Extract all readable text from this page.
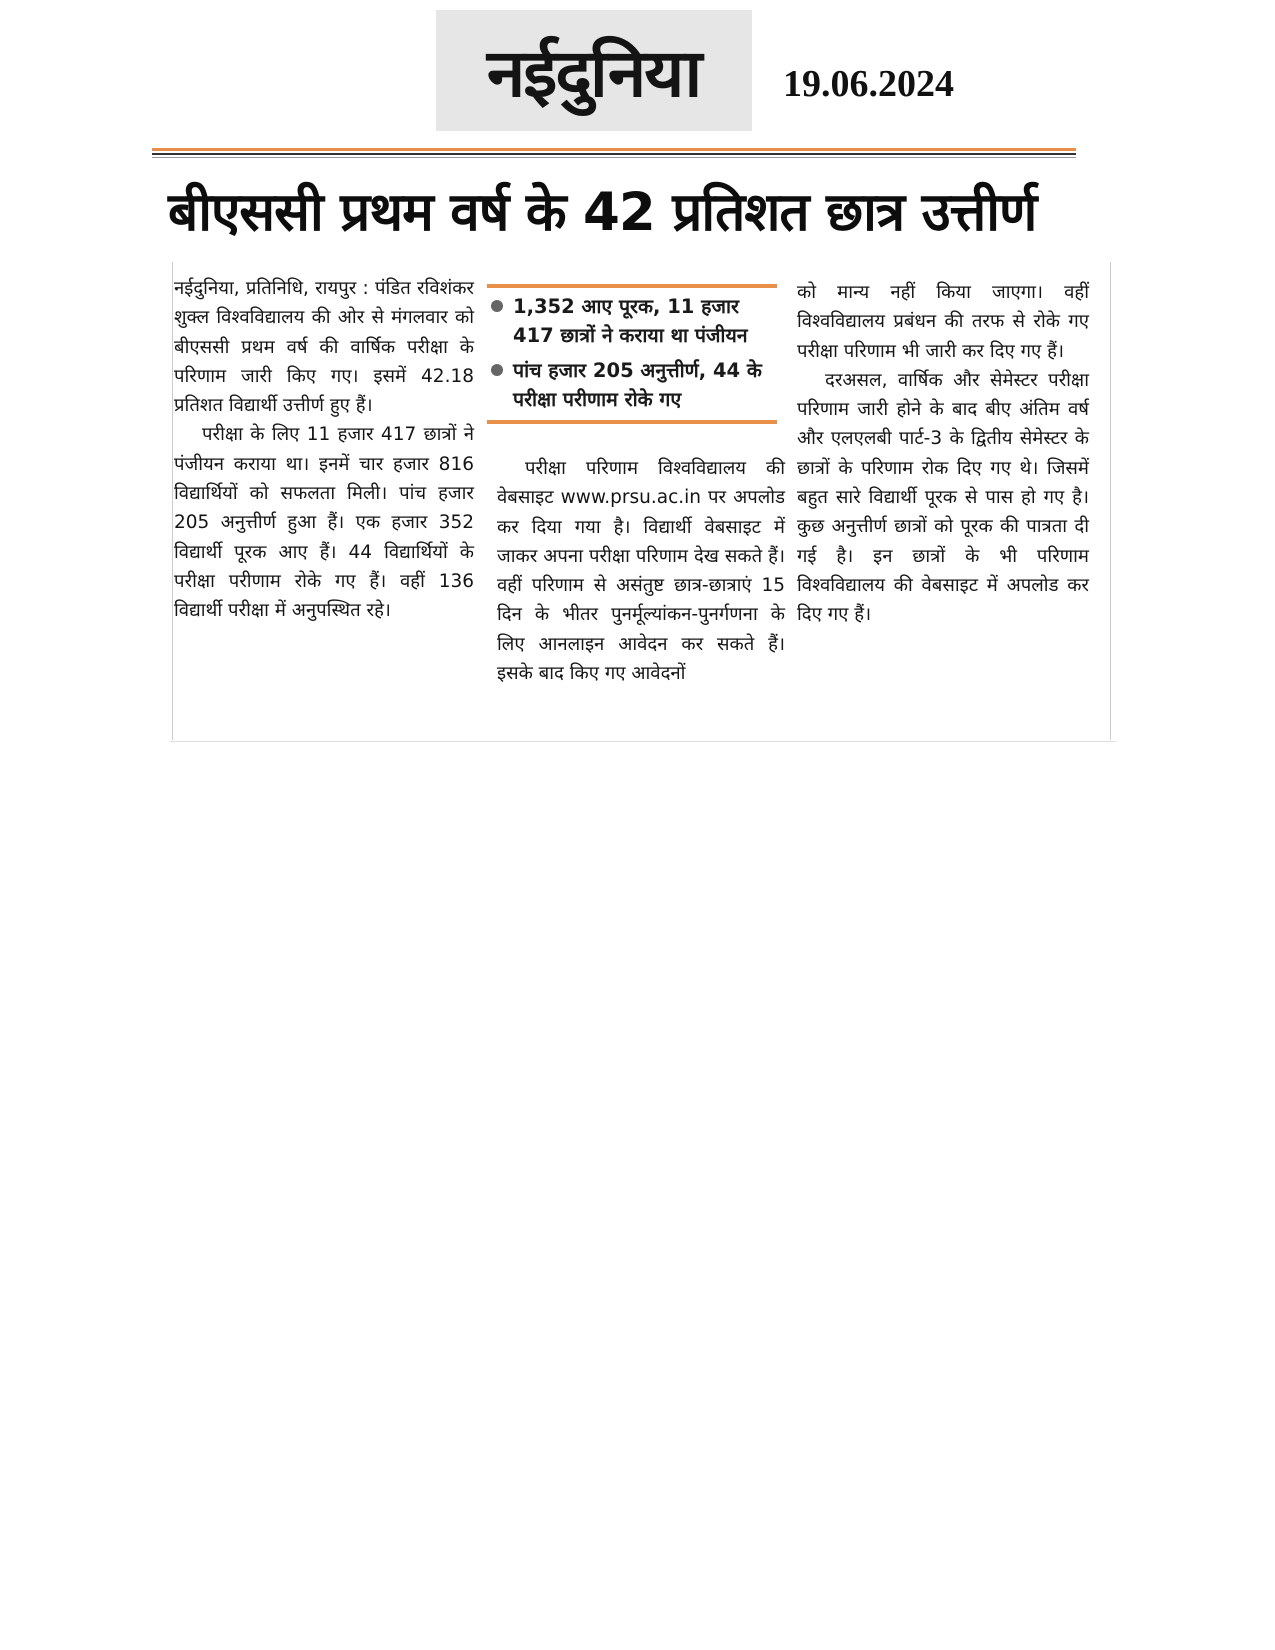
नईदुनिया 19.06.2024
बीएससी प्रथम वर्ष के 42 प्रतिशत छात्र उत्तीर्ण

नईदुनिया, प्रतिनिधि, रायपुर : पंडित रविशंकर शुक्ल विश्वविद्यालय की ओर से मंगलवार को बीएससी प्रथम वर्ष की वार्षिक परीक्षा के परिणाम जारी किए गए। इसमें 42.18 प्रतिशत विद्यार्थी उत्तीर्ण हुए हैं।

परीक्षा के लिए 11 हजार 417 छात्रों ने पंजीयन कराया था। इनमें चार हजार 816 विद्यार्थियों को सफलता मिली। पांच हजार 205 अनुत्तीर्ण हुआ हैं। एक हजार 352 विद्यार्थी पूरक आए हैं। 44 विद्यार्थियों के परीक्षा परीणाम रोके गए हैं। वहीं 136 विद्यार्थी परीक्षा में अनुपस्थित रहे।

1,352 आए पूरक, 11 हजार 417 छात्रों ने कराया था पंजीयन
पांच हजार 205 अनुत्तीर्ण, 44 के परीक्षा परीणाम रोके गए

परीक्षा परिणाम विश्वविद्यालय की वेबसाइट www.prsu.ac.in पर अपलोड कर दिया गया है। विद्यार्थी वेबसाइट में जाकर अपना परीक्षा परिणाम देख सकते हैं। वहीं परिणाम से असंतुष्ट छात्र-छात्राएं 15 दिन के भीतर पुनर्मूल्यांकन-पुनर्गणना के लिए आनलाइन आवेदन कर सकते हैं। इसके बाद किए गए आवेदनों

को मान्य नहीं किया जाएगा। वहीं विश्वविद्यालय प्रबंधन की तरफ से रोके गए परीक्षा परिणाम भी जारी कर दिए गए हैं।

दरअसल, वार्षिक और सेमेस्टर परीक्षा परिणाम जारी होने के बाद बीए अंतिम वर्ष और एलएलबी पार्ट-3 के द्वितीय सेमेस्टर के छात्रों के परिणाम रोक दिए गए थे। जिसमें बहुत सारे विद्यार्थी पूरक से पास हो गए है। कुछ अनुत्तीर्ण छात्रों को पूरक की पात्रता दी गई है। इन छात्रों के भी परिणाम विश्वविद्यालय की वेबसाइट में अपलोड कर दिए गए हैं।
